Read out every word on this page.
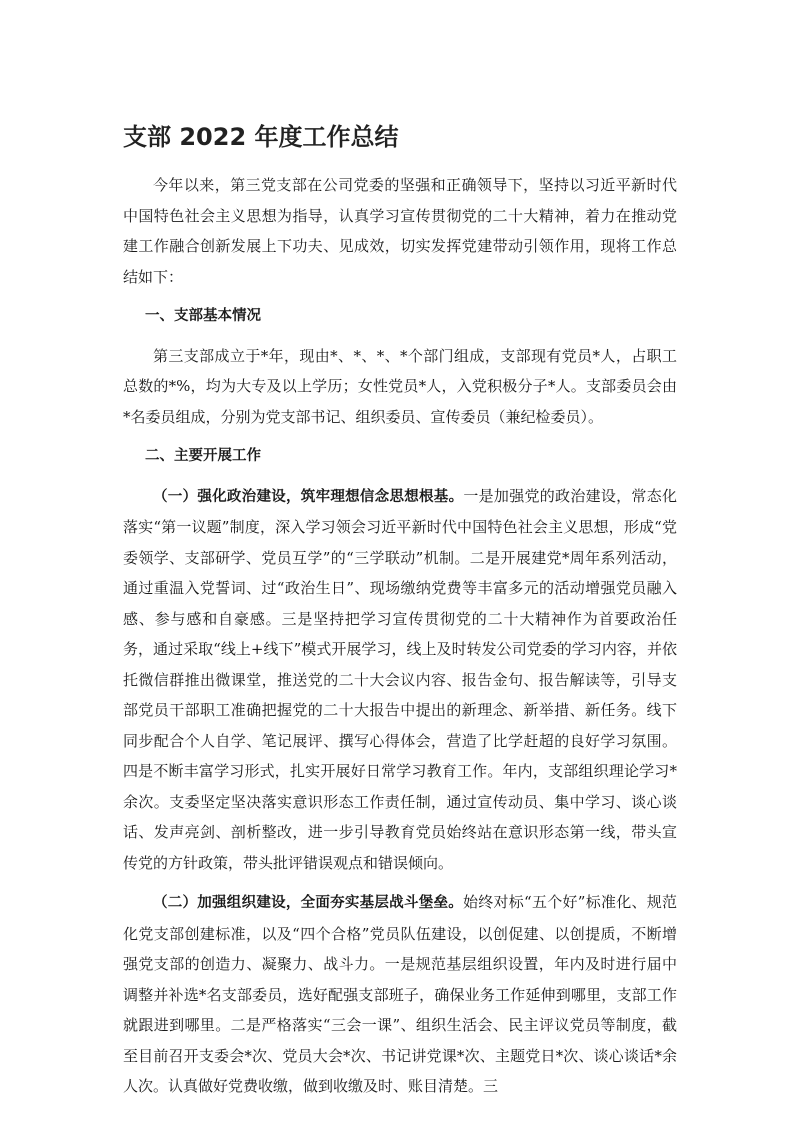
支部 2022 年度工作总结

今年以来，第三党支部在公司党委的坚强和正确领导下，坚持以习近平新时代中国特色社会主义思想为指导，认真学习宣传贯彻党的二十大精神，着力在推动党建工作融合创新发展上下功夫、见成效，切实发挥党建带动引领作用，现将工作总结如下：

一、支部基本情况

第三支部成立于*年，现由*、*、*、*个部门组成，支部现有党员*人，占职工总数的*%，均为大专及以上学历；女性党员*人，入党积极分子*人。支部委员会由*名委员组成，分别为党支部书记、组织委员、宣传委员（兼纪检委员）。

二、主要开展工作

（一）强化政治建设，筑牢理想信念思想根基。一是加强党的政治建设，常态化落实“第一议题”制度，深入学习领会习近平新时代中国特色社会主义思想，形成“党委领学、支部研学、党员互学”的“三学联动”机制。二是开展建党*周年系列活动，通过重温入党誓词、过“政治生日”、现场缴纳党费等丰富多元的活动增强党员融入感、参与感和自豪感。三是坚持把学习宣传贯彻党的二十大精神作为首要政治任务，通过采取“线上+线下”模式开展学习，线上及时转发公司党委的学习内容，并依托微信群推出微课堂，推送党的二十大会议内容、报告金句、报告解读等，引导支部党员干部职工准确把握党的二十大报告中提出的新理念、新举措、新任务。线下同步配合个人自学、笔记展评、撰写心得体会，营造了比学赶超的良好学习氛围。四是不断丰富学习形式，扎实开展好日常学习教育工作。年内，支部组织理论学习*余次。支委坚定坚决落实意识形态工作责任制，通过宣传动员、集中学习、谈心谈话、发声亮剑、剖析整改，进一步引导教育党员始终站在意识形态第一线，带头宣传党的方针政策，带头批评错误观点和错误倾向。

（二）加强组织建设，全面夯实基层战斗堡垒。始终对标“五个好”标准化、规范化党支部创建标准，以及“四个合格”党员队伍建设，以创促建、以创提质，不断增强党支部的创造力、凝聚力、战斗力。一是规范基层组织设置，年内及时进行届中调整并补选*名支部委员，选好配强支部班子，确保业务工作延伸到哪里，支部工作就跟进到哪里。二是严格落实“三会一课”、组织生活会、民主评议党员等制度，截至目前召开支委会*次、党员大会*次、书记讲党课*次、主题党日*次、谈心谈话*余人次。认真做好党费收缴，做到收缴及时、账目清楚。三
